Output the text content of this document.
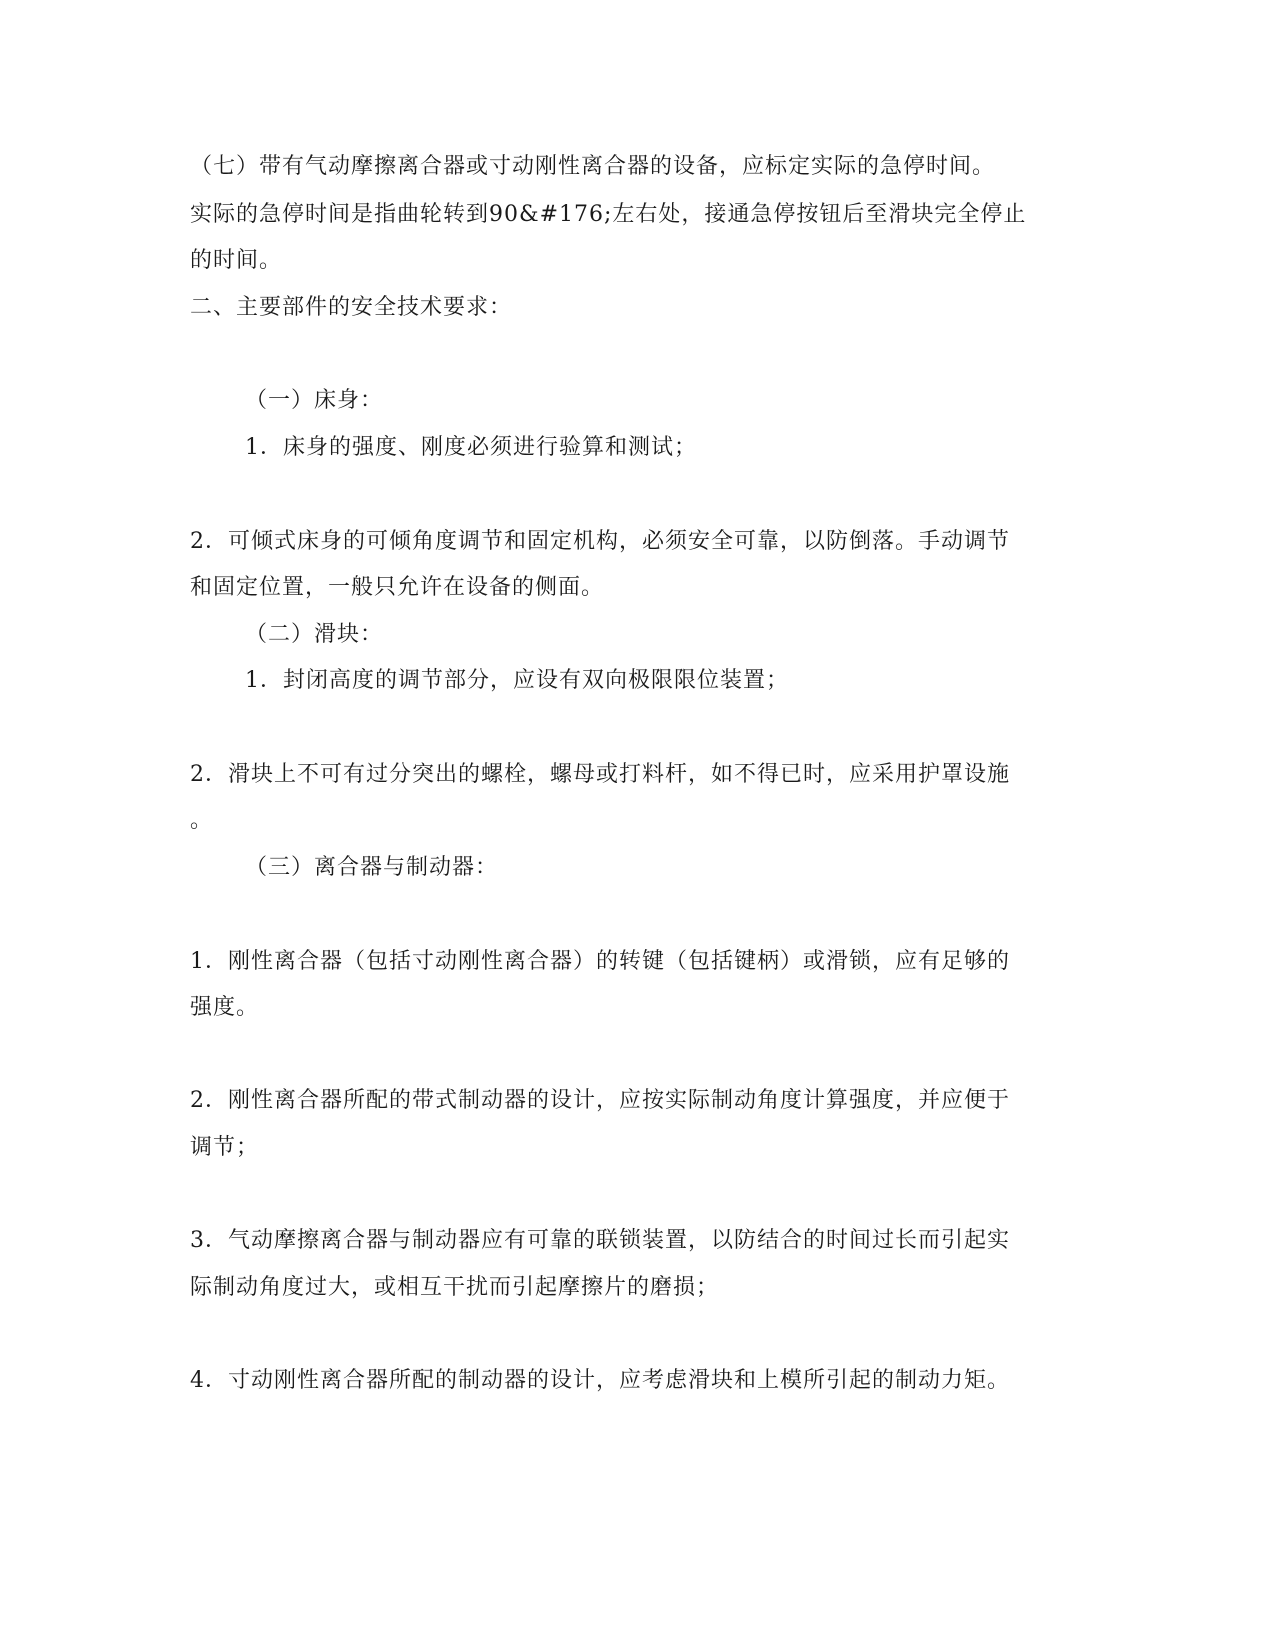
（七）带有气动摩擦离合器或寸动刚性离合器的设备，应标定实际的急停时间。

实际的急停时间是指曲轮转到90&#176;左右处，接通急停按钮后至滑块完全停止

的时间。

二、主要部件的安全技术要求：

（一）床身：

1．床身的强度、刚度必须进行验算和测试；

2．可倾式床身的可倾角度调节和固定机构，必须安全可靠，以防倒落。手动调节

和固定位置，一般只允许在设备的侧面。

（二）滑块：

1．封闭高度的调节部分，应设有双向极限限位装置；

2．滑块上不可有过分突出的螺栓，螺母或打料杆，如不得已时，应采用护罩设施

。

（三）离合器与制动器：

1．刚性离合器（包括寸动刚性离合器）的转键（包括键柄）或滑锁，应有足够的

强度。

2．刚性离合器所配的带式制动器的设计，应按实际制动角度计算强度，并应便于

调节；

3．气动摩擦离合器与制动器应有可靠的联锁装置，以防结合的时间过长而引起实

际制动角度过大，或相互干扰而引起摩擦片的磨损；

4．寸动刚性离合器所配的制动器的设计，应考虑滑块和上模所引起的制动力矩。
